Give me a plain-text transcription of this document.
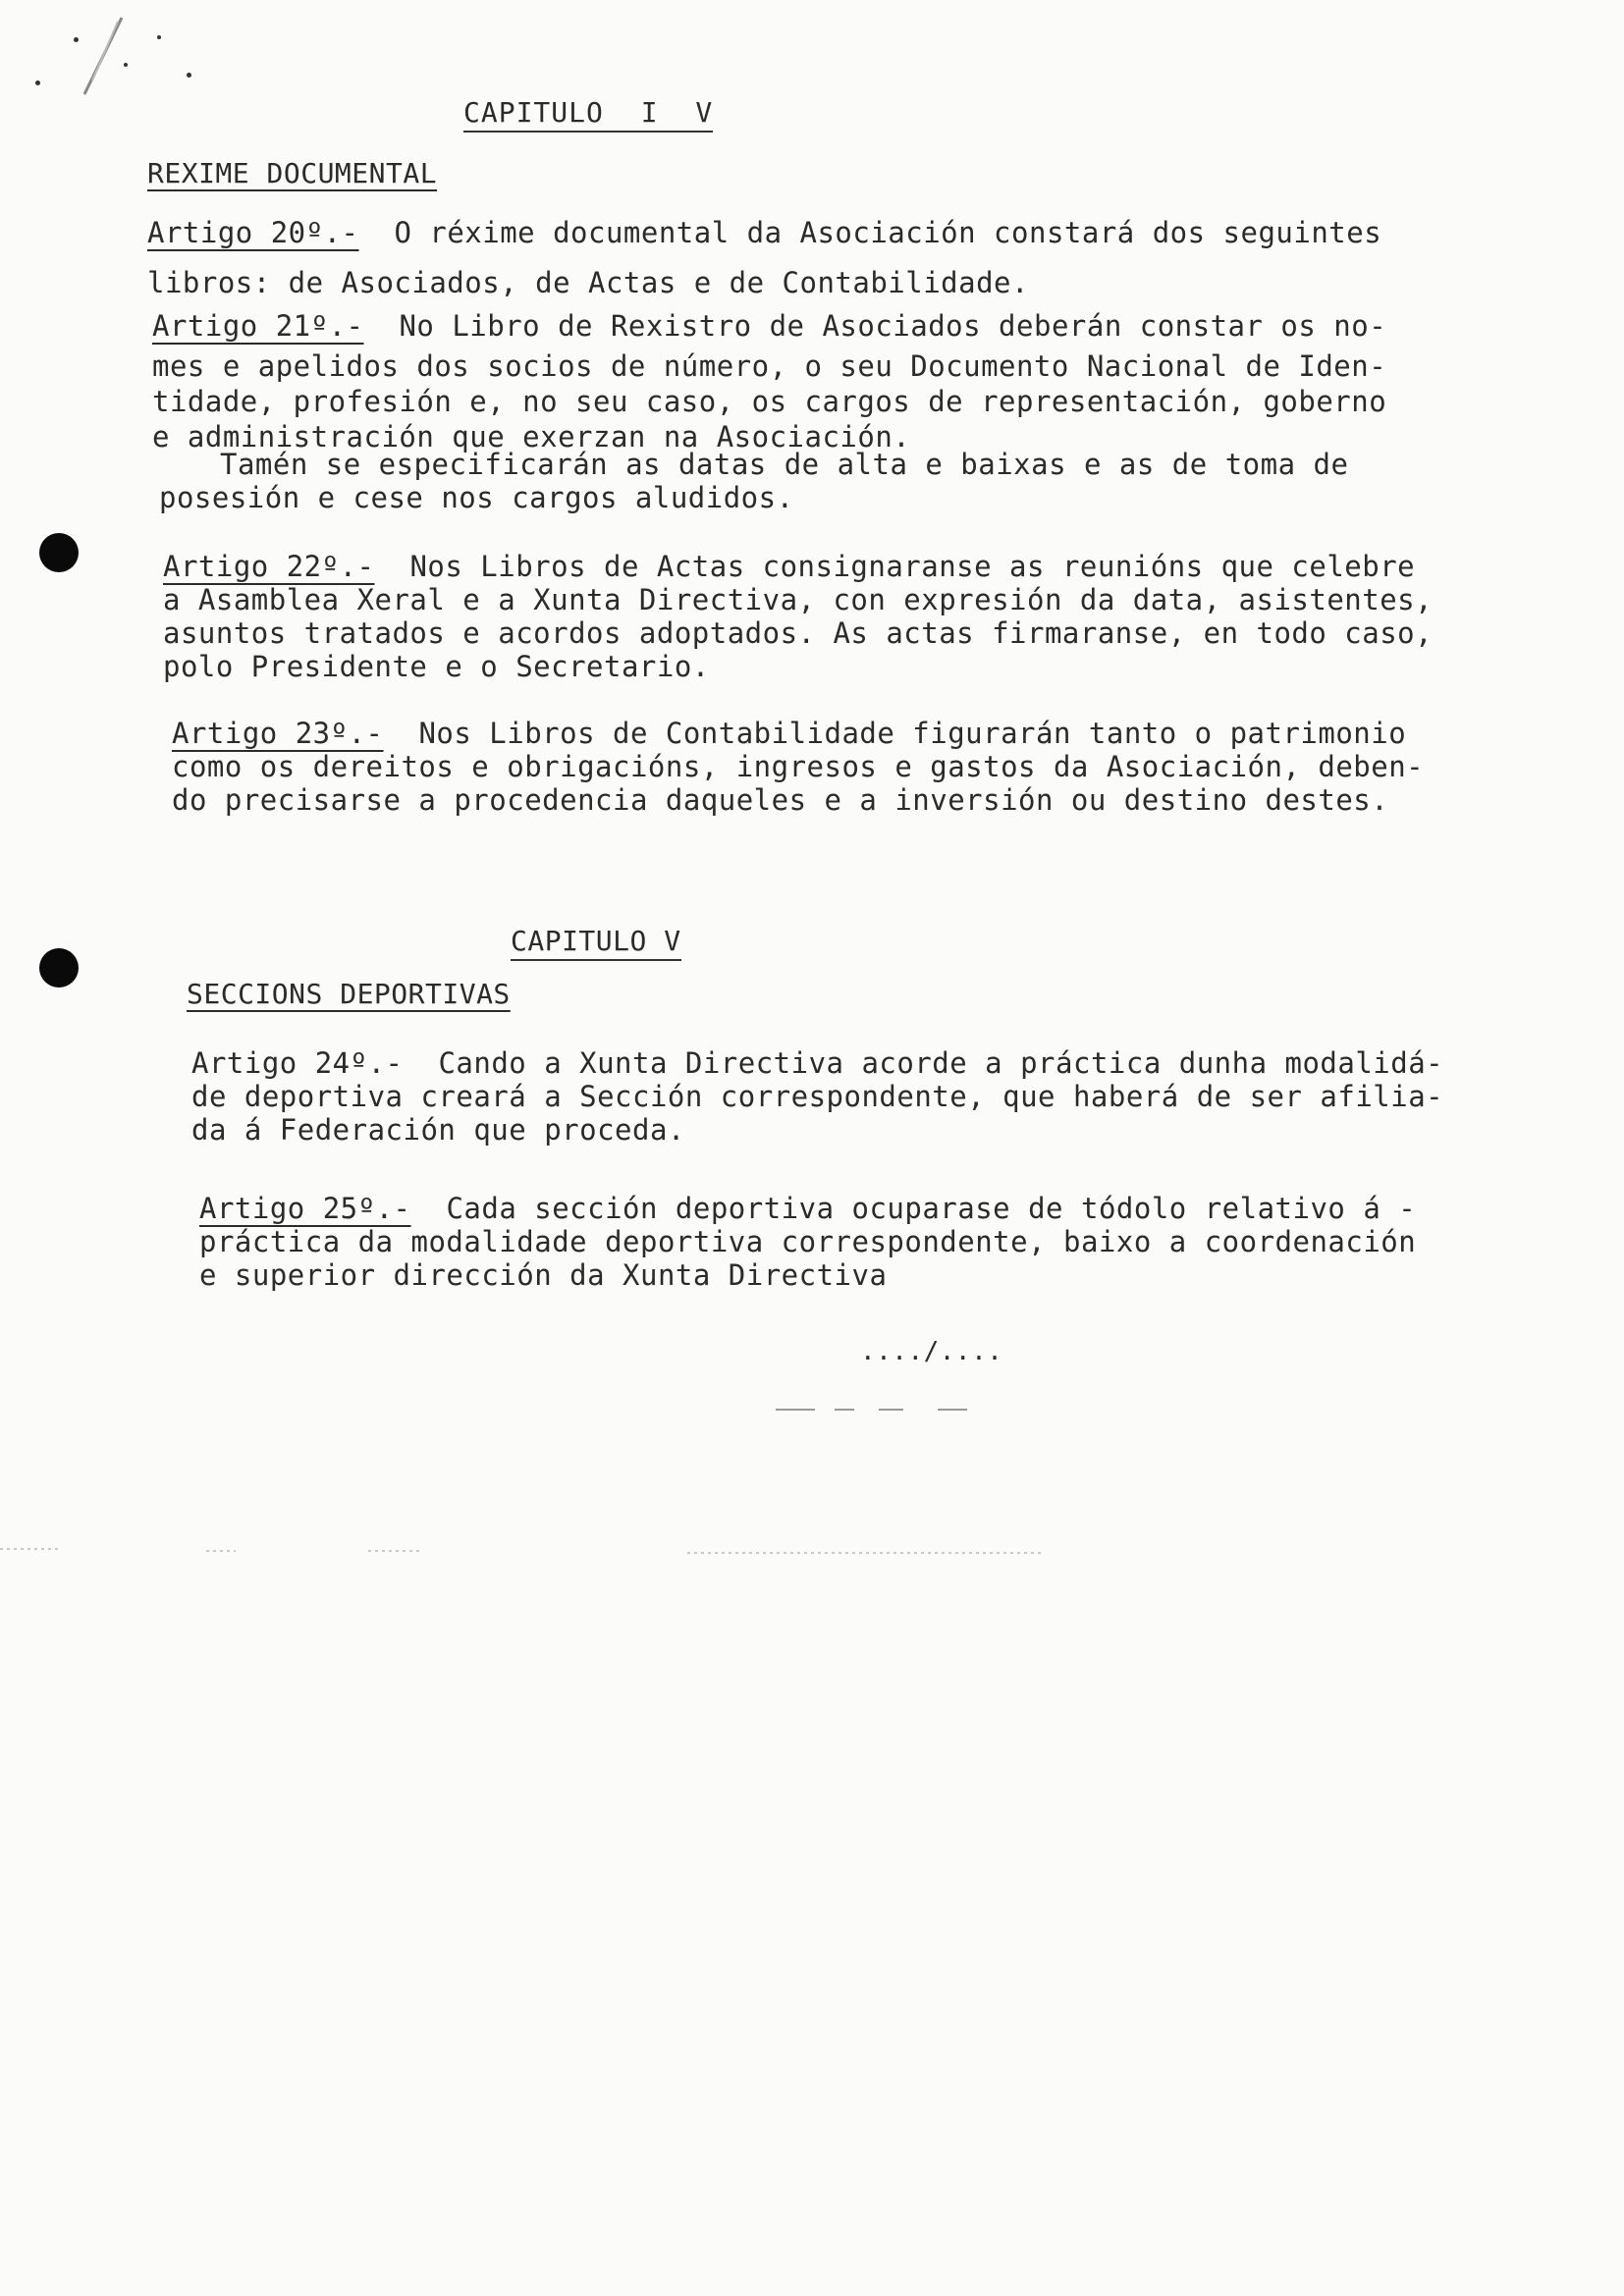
CAPITULO I V
REXIME DOCUMENTAL
Artigo 20º.- O réxime documental da Asociación constará dos seguintes
libros: de Asociados, de Actas e de Contabilidade.
Artigo 21º.- No Libro de Rexistro de Asociados deberán constar os no-
mes e apelidos dos socios de número, o seu Documento Nacional de Iden-
tidade, profesión e, no seu caso, os cargos de representación, goberno
e administración que exerzan na Asociación.
Tamén se especificarán as datas de alta e baixas e as de toma de
posesión e cese nos cargos aludidos.
Artigo 22º.- Nos Libros de Actas consignaranse as reunións que celebre
a Asamblea Xeral e a Xunta Directiva, con expresión da data, asistentes,
asuntos tratados e acordos adoptados. As actas firmaranse, en todo caso,
polo Presidente e o Secretario.
Artigo 23º.- Nos Libros de Contabilidade figurarán tanto o patrimonio
como os dereitos e obrigacións, ingresos e gastos da Asociación, deben-
do precisarse a procedencia daqueles e a inversión ou destino destes.
CAPITULO V
SECCIONS DEPORTIVAS
Artigo 24º.- Cando a Xunta Directiva acorde a práctica dunha modalidá-
de deportiva creará a Sección correspondente, que haberá de ser afilia-
da á Federación que proceda.
Artigo 25º.- Cada sección deportiva ocuparase de tódolo relativo á -
práctica da modalidade deportiva correspondente, baixo a coordenación
e superior dirección da Xunta Directiva
..../....
